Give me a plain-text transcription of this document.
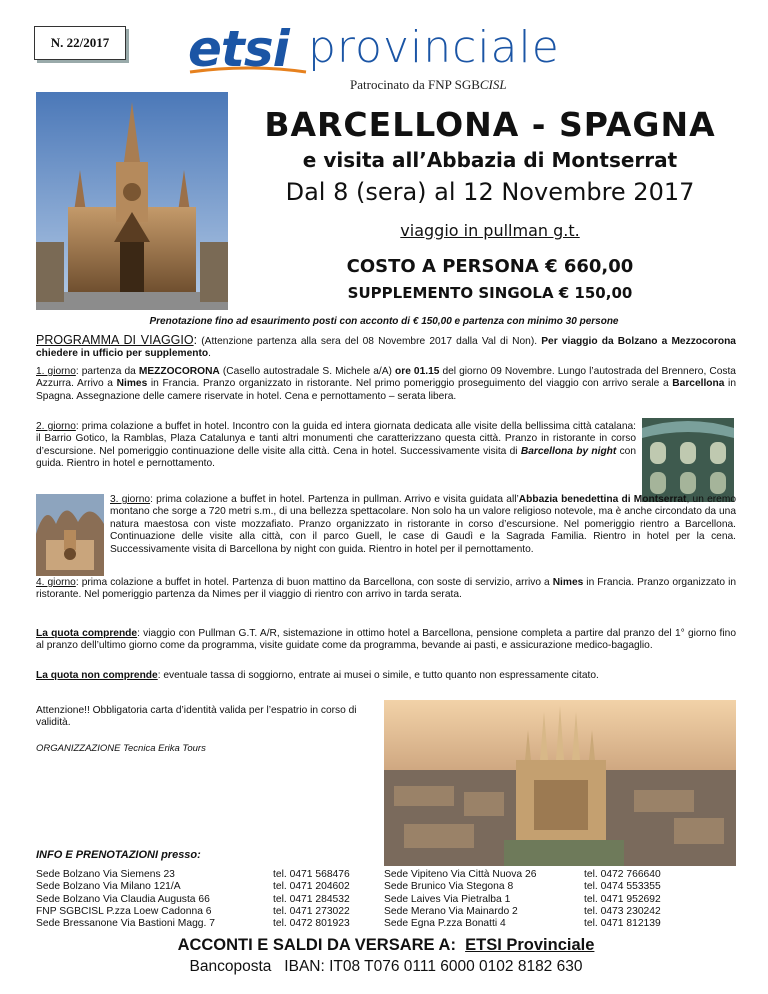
N. 22/2017	etsi provinciale
Patrocinato da FNP SGBCISL
BARCELLONA - SPAGNA
e visita all’Abbazia di Montserrat
Dal 8 (sera) al 12 Novembre 2017
viaggio in pullman g.t.
COSTO A PERSONA € 660,00
SUPPLEMENTO SINGOLA € 150,00
Prenotazione fino ad esaurimento posti con acconto di € 150,00 e partenza con minimo 30 persone
PROGRAMMA DI VIAGGIO: (Attenzione partenza alla sera del 08 Novembre 2017 dalla Val di Non). Per viaggio da Bolzano a Mezzocorona chiedere in ufficio per supplemento.
1. giorno: partenza da MEZZOCORONA (Casello autostradale S. Michele a/A) ore 01.15 del giorno 09 Novembre. Lungo l’autostrada del Brennero, Costa Azzurra. Arrivo a Nimes in Francia. Pranzo organizzato in ristorante. Nel primo pomeriggio proseguimento del viaggio con arrivo serale a Barcellona in Spagna. Assegnazione delle camere riservate in hotel. Cena e pernottamento – serata libera.
2. giorno: prima colazione a buffet in hotel. Incontro con la guida ed intera giornata dedicata alle visite della bellissima città catalana: il Barrio Gotico, la Ramblas, Plaza Catalunya e tanti altri monumenti che caratterizzano questa città. Pranzo in ristorante in corso d’escursione. Nel pomeriggio continuazione delle visite alla città. Cena in hotel. Successivamente visita di Barcellona by night con guida. Rientro in hotel e pernottamento.
3. giorno: prima colazione a buffet in hotel. Partenza in pullman. Arrivo e visita guidata all’Abbazia benedettina di Montserrat, un eremo montano che sorge a 720 metri s.m., di una bellezza spettacolare. Non solo ha un valore religioso notevole, ma è anche circondato da una natura maestosa con viste mozzafiato. Pranzo organizzato in ristorante in corso d’escursione. Nel pomeriggio rientro a Barcellona. Continuazione delle visite alla città, con il parco Guell, le case di Gaudì e la Sagrada Familia. Rientro in hotel per la cena. Successivamente visita di Barcellona by night con guida. Rientro in hotel per il pernottamento.
4. giorno: prima colazione a buffet in hotel. Partenza di buon mattino da Barcellona, con soste di servizio, arrivo a Nimes in Francia. Pranzo organizzato in ristorante. Nel pomeriggio partenza da Nimes per il viaggio di rientro con arrivo in tarda serata.
La quota comprende: viaggio con Pullman G.T. A/R, sistemazione in ottimo hotel a Barcellona, pensione completa a partire dal pranzo del 1° giorno fino al pranzo dell’ultimo giorno come da programma, visite guidate come da programma, bevande ai pasti, e assicurazione medico-bagaglio.
La quota non comprende: eventuale tassa di soggiorno, entrate ai musei o simile, e tutto quanto non espressamente citato.
Attenzione!! Obbligatoria carta d’identità valida per l’espatrio in corso di validità.
ORGANIZZAZIONE Tecnica Erika Tours
INFO E PRENOTAZIONI presso:
Sede Bolzano Via Siemens 23
Sede Bolzano Via Milano 121/A
Sede Bolzano Via Claudia Augusta 66
FNP SGBCISL P.zza Loew Cadonna 6
Sede Bressanone Via Bastioni Magg. 7
tel. 0471 568476
tel. 0471 204602
tel. 0471 284532
tel. 0471 273022
tel. 0472 801923
Sede Vipiteno Via Città Nuova 26
Sede Brunico Via Stegona 8
Sede Laives Via Pietralba 1
Sede Merano Via Mainardo 2
Sede Egna P.zza Bonatti 4
tel. 0472 766640
tel. 0474 553355
tel. 0471 952692
tel. 0473 230242
tel. 0471 812139
ACCONTI E SALDI DA VERSARE A: ETSI Provinciale
Bancoposta IBAN: IT08 T076 0111 6000 0102 8182 630
